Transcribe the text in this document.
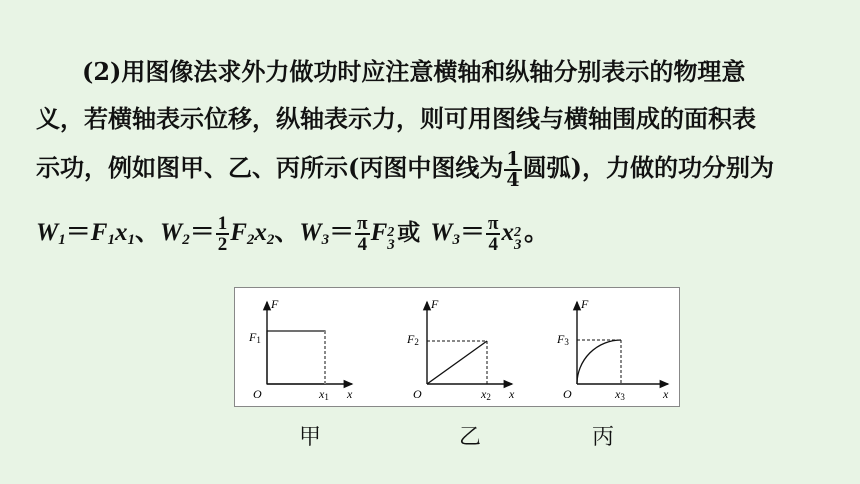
(2)用图像法求外力做功时应注意横轴和纵轴分别表示的物理意
义，若横轴表示位移，纵轴表示力，则可用图线与横轴围成的面积表
示功，例如图甲、乙、丙所示(丙图中图线为 $\frac{1}{4}$ 圆弧)，力做的功分别为
$W_1=F_1x_1$、$W_2= \frac{1}{2} F_2x_2$、$W_3= \frac{\pi}{4}$ F 2
3 或 $W_3= \frac{\pi}{4}$ x 2
3 。
F
F1
O	x1 x
F
F2
O	x2 x
F
F3
O	x3	x
甲	乙	丙
